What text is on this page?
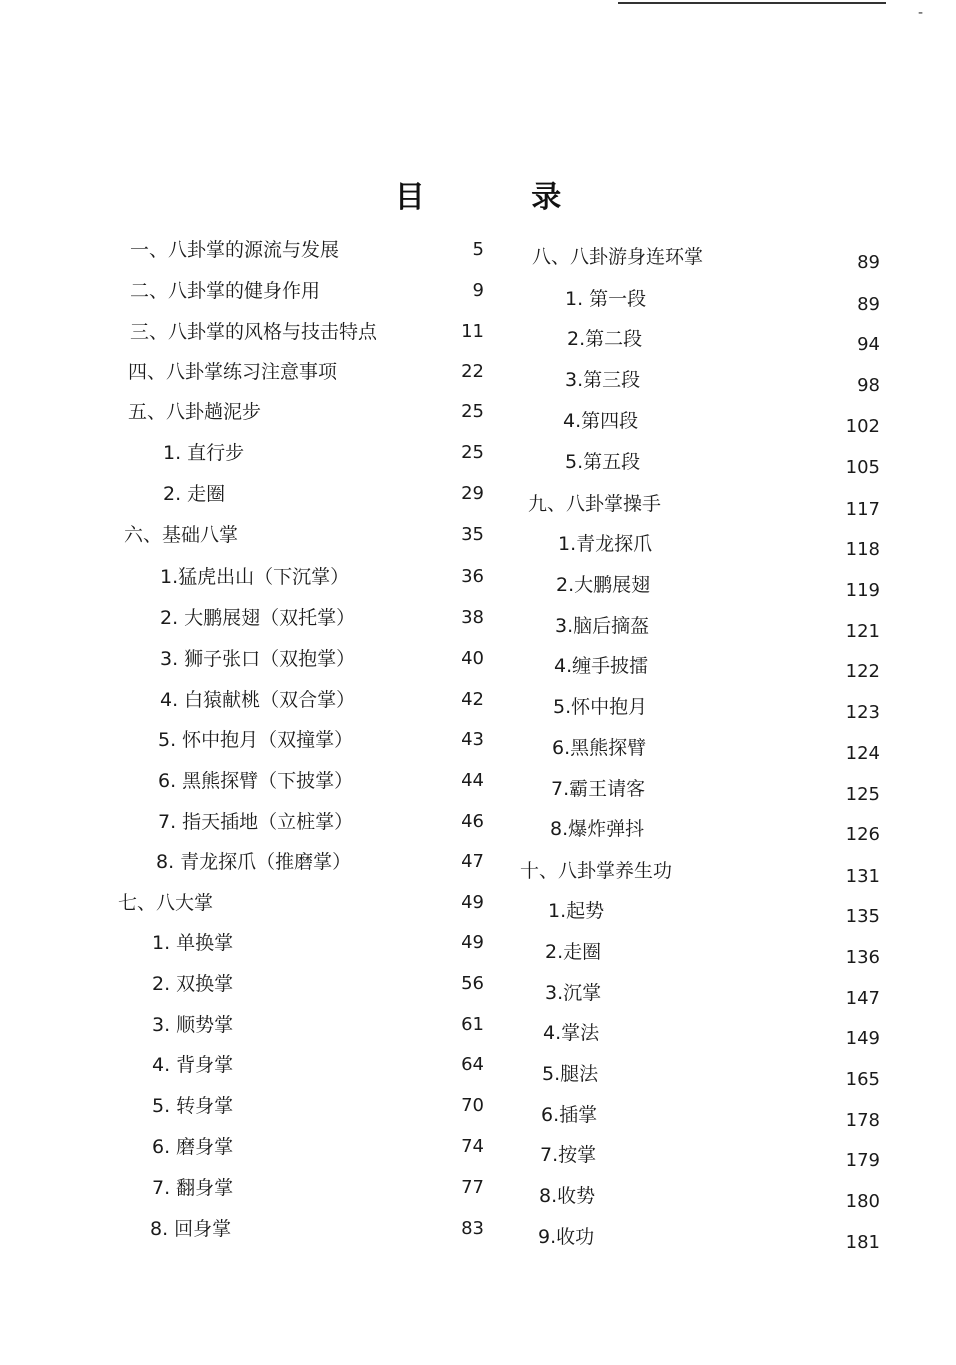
-
目 录
一、八卦掌的源流与发展	5
二、八卦掌的健身作用	9
三、八卦掌的风格与技击特点	11
四、八卦掌练习注意事项	22
五、八卦趟泥步	25
1. 直行步	25
2. 走圈	29
六、基础八掌	35
1.猛虎出山（下沉掌）	36
2. 大鹏展翅（双托掌）	38
3. 狮子张口（双抱掌）	40
4. 白猿献桃（双合掌）	42
5. 怀中抱月（双撞掌）	43
6. 黑熊探臂（下披掌）	44
7. 指天插地（立桩掌）	46
8. 青龙探爪（推磨掌）	47
七、八大掌	49
1. 单换掌	49
2. 双换掌	56
3. 顺势掌	61
4. 背身掌	64
5. 转身掌	70
6. 磨身掌	74
7. 翻身掌	77
8. 回身掌	83
八、八卦游身连环掌	89
1. 第一段	89
2.第二段	94
3.第三段	98
4.第四段	102
5.第五段	105
九、八卦掌操手	117
1.青龙探爪	118
2.大鹏展翅	119
3.脑后摘盔	121
4.缠手披擂	122
5.怀中抱月	123
6.黑熊探臂	124
7.霸王请客	125
8.爆炸弹抖	126
十、八卦掌养生功	131
1.起势	135
2.走圈	136
3.沉掌	147
4.掌法	149
5.腿法	165
6.插掌	178
7.按掌	179
8.收势	180
9.收功	181
